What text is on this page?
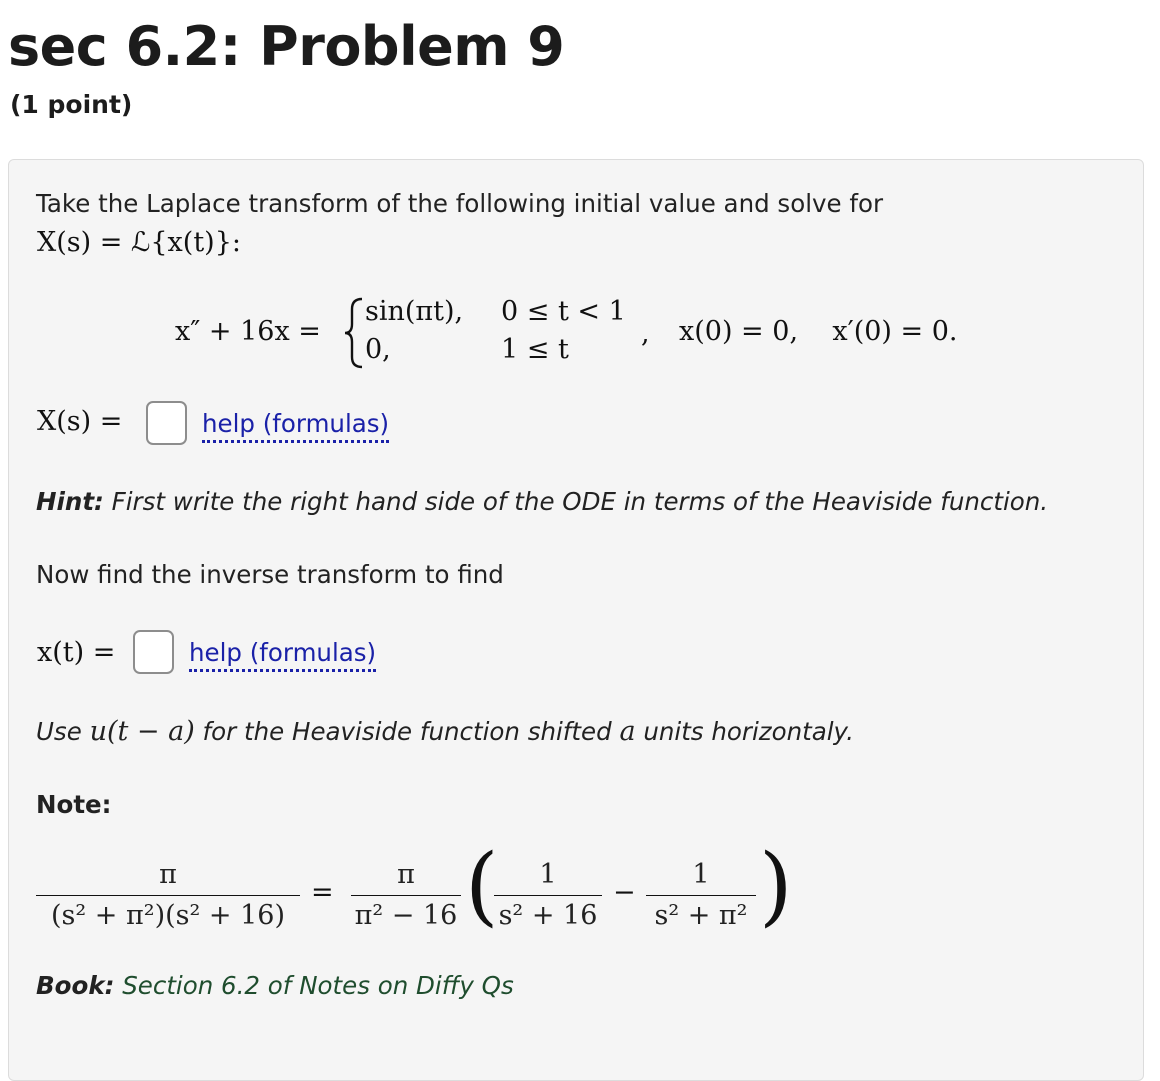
sec 6.2: Problem 9
(1 point)
Take the Laplace transform of the following initial value and solve for
X(s) = ℒ{x(t)}:
x″ + 16x =
sin(πt), 0 ≤ t < 1
0,	1 ≤ t
, x(0) = 0,    x′(0) = 0.
X(s) =	help (formulas)
Hint: First write the right hand side of the ODE in terms of the Heaviside function.
Now find the inverse transform to find
x(t) =	help (formulas)
Use u(t − a) for the Heaviside function shifted a units horizontaly.
Note:
π
(s² + π²)(s² + 16)
=
π
π² − 16 (	1
s² + 16
−
1
s² + π² )
Book: Section 6.2 of Notes on Diffy Qs
